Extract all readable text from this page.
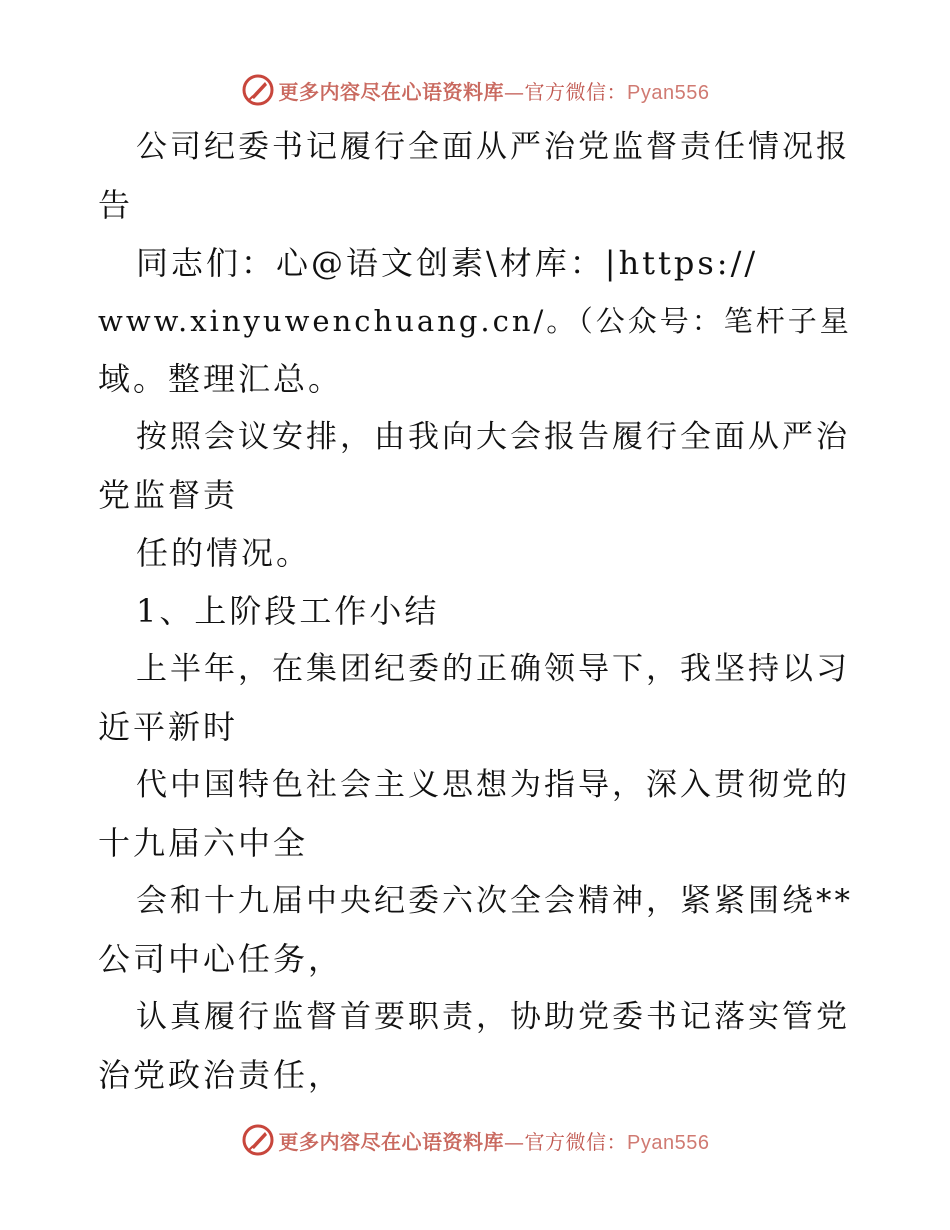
更多内容尽在心语资料库—官方微信：Pyan556
公司纪委书记履行全面从严治党监督责任情况报
告
同志们：心@语文创素\材库：|https://
www.xinyuwenchuang.cn/。（公众号：笔杆子星
域。整理汇总。
按照会议安排，由我向大会报告履行全面从严治
党监督责
任的情况。
1、上阶段工作小结
上半年，在集团纪委的正确领导下，我坚持以习
近平新时
代中国特色社会主义思想为指导，深入贯彻党的
十九届六中全
会和十九届中央纪委六次全会精神，紧紧围绕**
公司中心任务，
认真履行监督首要职责，协助党委书记落实管党
治党政治责任，
更多内容尽在心语资料库—官方微信：Pyan556
